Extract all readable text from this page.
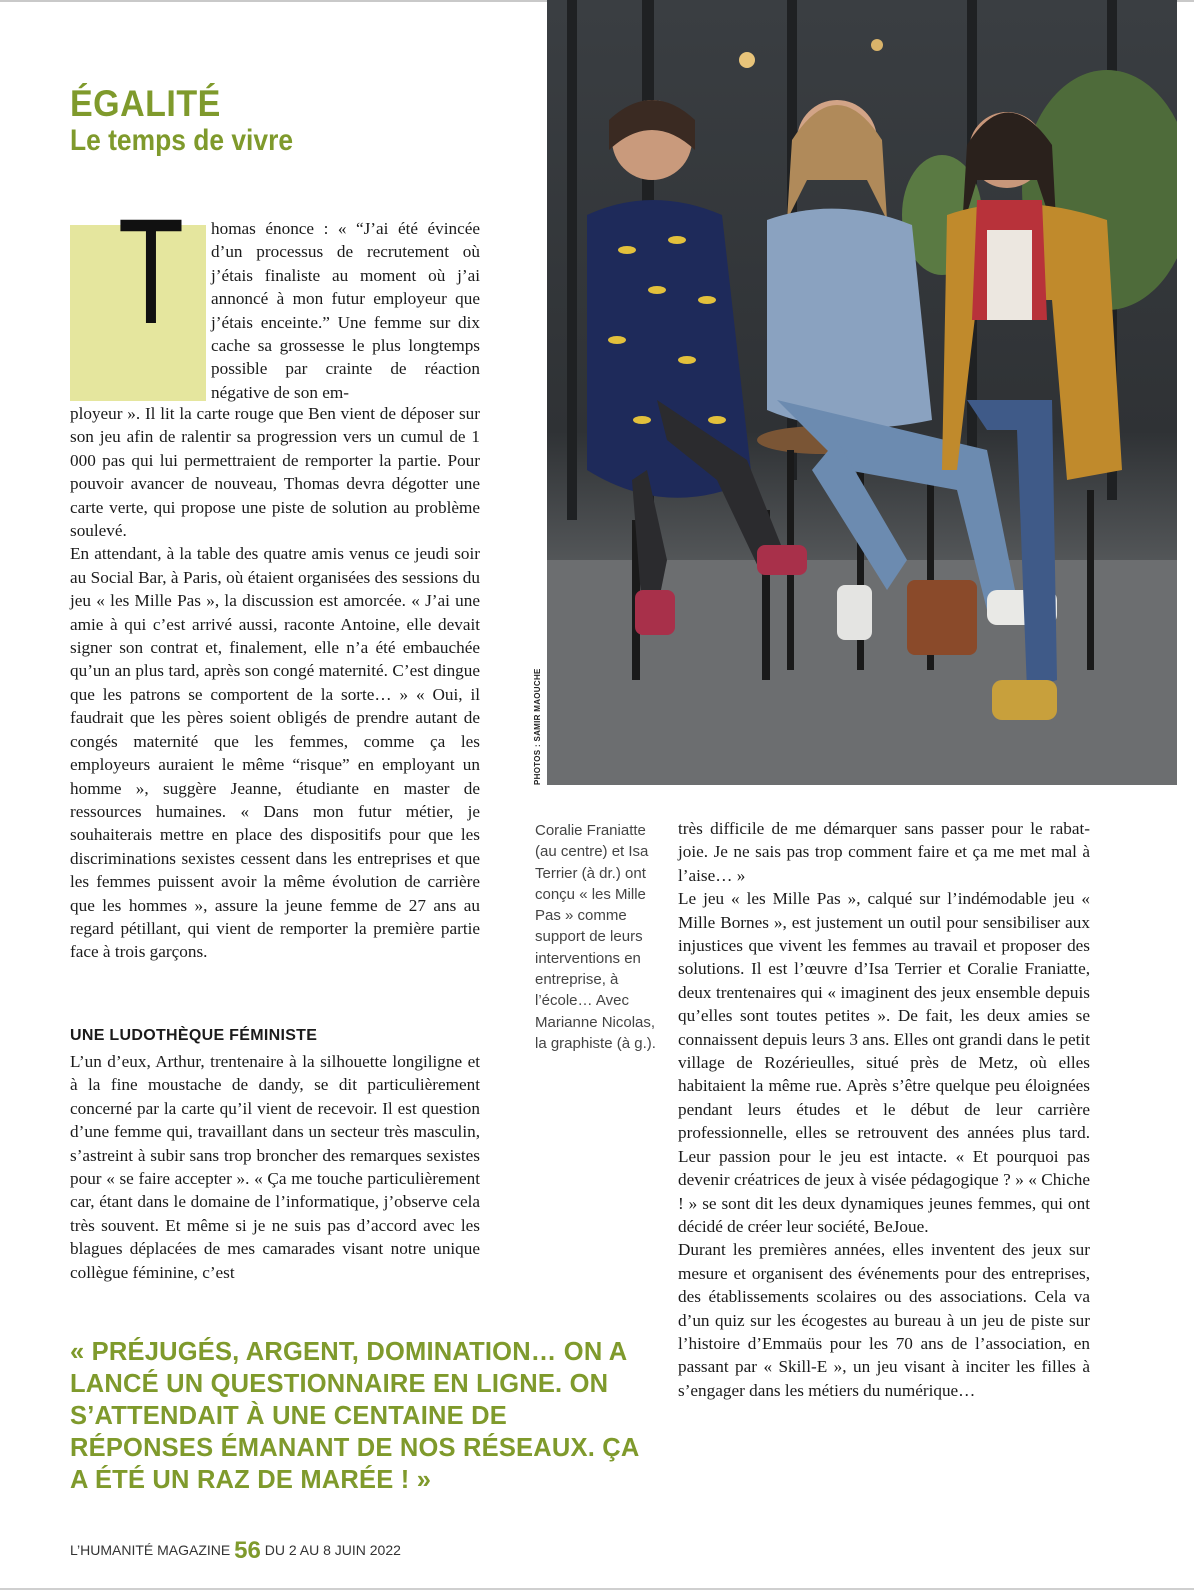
ÉGALITÉ
Le temps de vivre
PHOTOS : SAMIR MAOUCHE
T homas énonce : « “J’ai été évincée d’un processus de recrutement où j’étais finaliste au moment où j’ai annoncé à mon futur employeur que j’étais enceinte.” Une femme sur dix cache sa grossesse le plus longtemps possible par crainte de réaction négative de son em-

ployeur ». Il lit la carte rouge que Ben vient de déposer sur son jeu afin de ralentir sa progression vers un cumul de 1 000 pas qui lui permettraient de remporter la partie. Pour pouvoir avancer de nouveau, Thomas devra dégotter une carte verte, qui propose une piste de solution au problème soulevé.

En attendant, à la table des quatre amis venus ce jeudi soir au Social Bar, à Paris, où étaient organisées des sessions du jeu « les Mille Pas », la discussion est amorcée. « J’ai une amie à qui c’est arrivé aussi, raconte Antoine, elle devait signer son contrat et, finalement, elle n’a été embauchée qu’un an plus tard, après son congé maternité. C’est dingue que les patrons se comportent de la sorte… » « Oui, il faudrait que les pères soient obligés de prendre autant de congés maternité que les femmes, comme ça les employeurs auraient le même “risque” en employant un homme », suggère Jeanne, étudiante en master de ressources humaines. « Dans mon futur métier, je souhaiterais mettre en place des dispositifs pour que les discriminations sexistes cessent dans les entreprises et que les femmes puissent avoir la même évolution de carrière que les hommes », assure la jeune femme de 27 ans au regard pétillant, qui vient de remporter la première partie face à trois garçons.

UNE LUDOTHÈQUE FÉMINISTE

L’un d’eux, Arthur, trentenaire à la silhouette longiligne et à la fine moustache de dandy, se dit particulièrement concerné par la carte qu’il vient de recevoir. Il est question d’une femme qui, travaillant dans un secteur très masculin, s’astreint à subir sans trop broncher des remarques sexistes pour « se faire accepter ». « Ça me touche particulièrement car, étant dans le domaine de l’informatique, j’observe cela très souvent. Et même si je ne suis pas d’accord avec les blagues déplacées de mes camarades visant notre unique collègue féminine, c’est

Coralie Franiatte (au centre) et Isa Terrier (à dr.) ont conçu « les Mille Pas » comme support de leurs interventions en entreprise, à l’école… Avec Marianne Nicolas, la graphiste (à g.).

très difficile de me démarquer sans passer pour le rabat-joie. Je ne sais pas trop comment faire et ça me met mal à l’aise… »

Le jeu « les Mille Pas », calqué sur l’indémodable jeu « Mille Bornes », est justement un outil pour sensibiliser aux injustices que vivent les femmes au travail et proposer des solutions. Il est l’œuvre d’Isa Terrier et Coralie Franiatte, deux trentenaires qui « imaginent des jeux ensemble depuis qu’elles sont toutes petites ». De fait, les deux amies se connaissent depuis leurs 3 ans. Elles ont grandi dans le petit village de Rozérieulles, situé près de Metz, où elles habitaient la même rue. Après s’être quelque peu éloignées pendant leurs études et le début de leur carrière professionnelle, elles se retrouvent des années plus tard. Leur passion pour le jeu est intacte. « Et pourquoi pas devenir créatrices de jeux à visée pédagogique ? » « Chiche ! » se sont dit les deux dynamiques jeunes femmes, qui ont décidé de créer leur société, BeJoue.

Durant les premières années, elles inventent des jeux sur mesure et organisent des événements pour des entreprises, des établissements scolaires ou des associations. Cela va d’un quiz sur les écogestes au bureau à un jeu de piste sur l’histoire d’Emmaüs pour les 70 ans de l’association, en passant par « Skill-E », un jeu visant à inciter les filles à s’engager dans les métiers du numérique…

« PRÉJUGÉS, ARGENT, DOMINATION… ON A LANCÉ UN QUESTIONNAIRE EN LIGNE. ON S’ATTENDAIT À UNE CENTAINE DE RÉPONSES ÉMANANT DE NOS RÉSEAUX. ÇA A ÉTÉ UN RAZ DE MARÉE ! »

L’HUMANITÉ MAGAZINE 56 DU 2 AU 8 JUIN 2022
